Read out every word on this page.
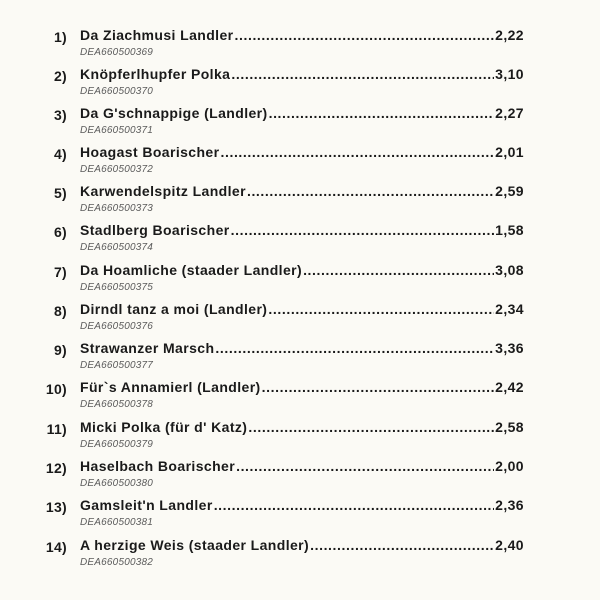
1) Da Ziachmusi Landler .....	2,22
DEA660500369
2) Knöpferlhupfer Polka .....	3,10
DEA660500370
3) Da G'schnappige (Landler) .....	2,27
DEA660500371
4) Hoagast Boarischer .....	2,01
DEA660500372
5) Karwendelspitz Landler .....	2,59
DEA660500373
6) Stadlberg Boarischer .....	1,58
DEA660500374
7) Da Hoamliche (staader Landler) .....	3,08
DEA660500375
8) Dirndl tanz a moi (Landler) .....	2,34
DEA660500376
9) Strawanzer Marsch .....	3,36
DEA660500377
10) Für`s Annamierl (Landler) .....	2,42
DEA660500378
11) Micki Polka (für d' Katz) .....	2,58
DEA660500379
12) Haselbach Boarischer .....	2,00
DEA660500380
13) Gamsleit'n Landler .....	2,36
DEA660500381
14) A herzige Weis (staader Landler) .....	2,40
DEA660500382
